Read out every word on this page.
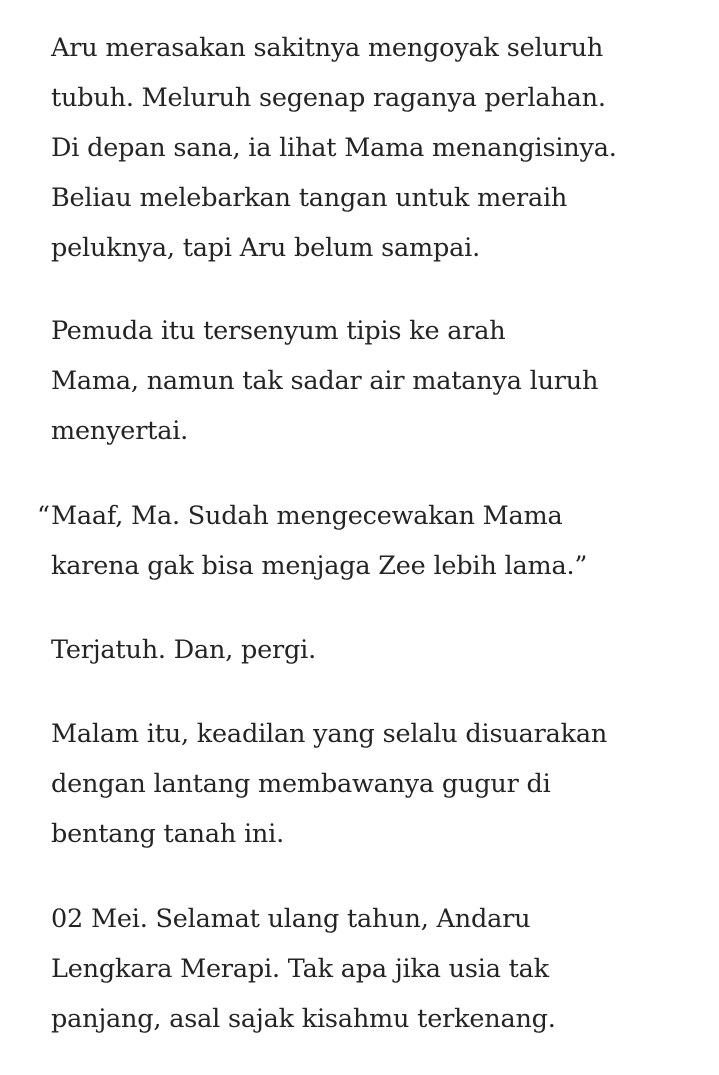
Aru merasakan sakitnya mengoyak seluruh
tubuh. Meluruh segenap raganya perlahan.
Di depan sana, ia lihat Mama menangisinya.
Beliau melebarkan tangan untuk meraih
peluknya, tapi Aru belum sampai.

Pemuda itu tersenyum tipis ke arah
Mama, namun tak sadar air matanya luruh
menyertai.

“ Maaf, Ma. Sudah mengecewakan Mama
karena gak bisa menjaga Zee lebih lama.”

Terjatuh. Dan, pergi.

Malam itu, keadilan yang selalu disuarakan
dengan lantang membawanya gugur di
bentang tanah ini.

02 Mei. Selamat ulang tahun, Andaru
Lengkara Merapi. Tak apa jika usia tak
panjang, asal sajak kisahmu terkenang.
